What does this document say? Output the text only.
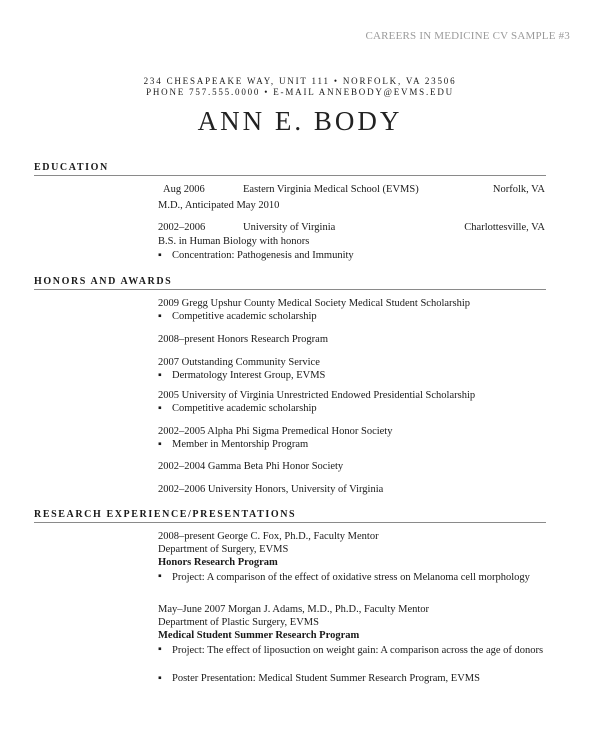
CAREERS IN MEDICINE CV SAMPLE #3
234 CHESAPEAKE WAY, UNIT 111 • NORFOLK, VA 23506
PHONE 757.555.0000 • E-MAIL ANNEBODY@EVMS.EDU
ANN E. BODY
EDUCATION
Aug 2006	Eastern Virginia Medical School (EVMS)	Norfolk, VA
M.D., Anticipated May 2010
2002–2006	University of Virginia	Charlottesville, VA
B.S. in Human Biology with honors
▪ Concentration: Pathogenesis and Immunity
HONORS AND AWARDS
2009 Gregg Upshur County Medical Society Medical Student Scholarship
▪ Competitive academic scholarship
2008–present Honors Research Program
2007 Outstanding Community Service
▪ Dermatology Interest Group, EVMS
2005 University of Virginia Unrestricted Endowed Presidential Scholarship
▪ Competitive academic scholarship
2002–2005 Alpha Phi Sigma Premedical Honor Society
▪ Member in Mentorship Program
2002–2004 Gamma Beta Phi Honor Society
2002–2006 University Honors, University of Virginia
RESEARCH EXPERIENCE/PRESENTATIONS
2008–present George C. Fox, Ph.D., Faculty Mentor
Department of Surgery, EVMS
Honors Research Program
▪ Project: A comparison of the effect of oxidative stress on Melanoma cell morphology
May–June 2007 Morgan J. Adams, M.D., Ph.D., Faculty Mentor
Department of Plastic Surgery, EVMS
Medical Student Summer Research Program
▪ Project: The effect of liposuction on weight gain: A comparison across the age of donors
▪ Poster Presentation: Medical Student Summer Research Program, EVMS
